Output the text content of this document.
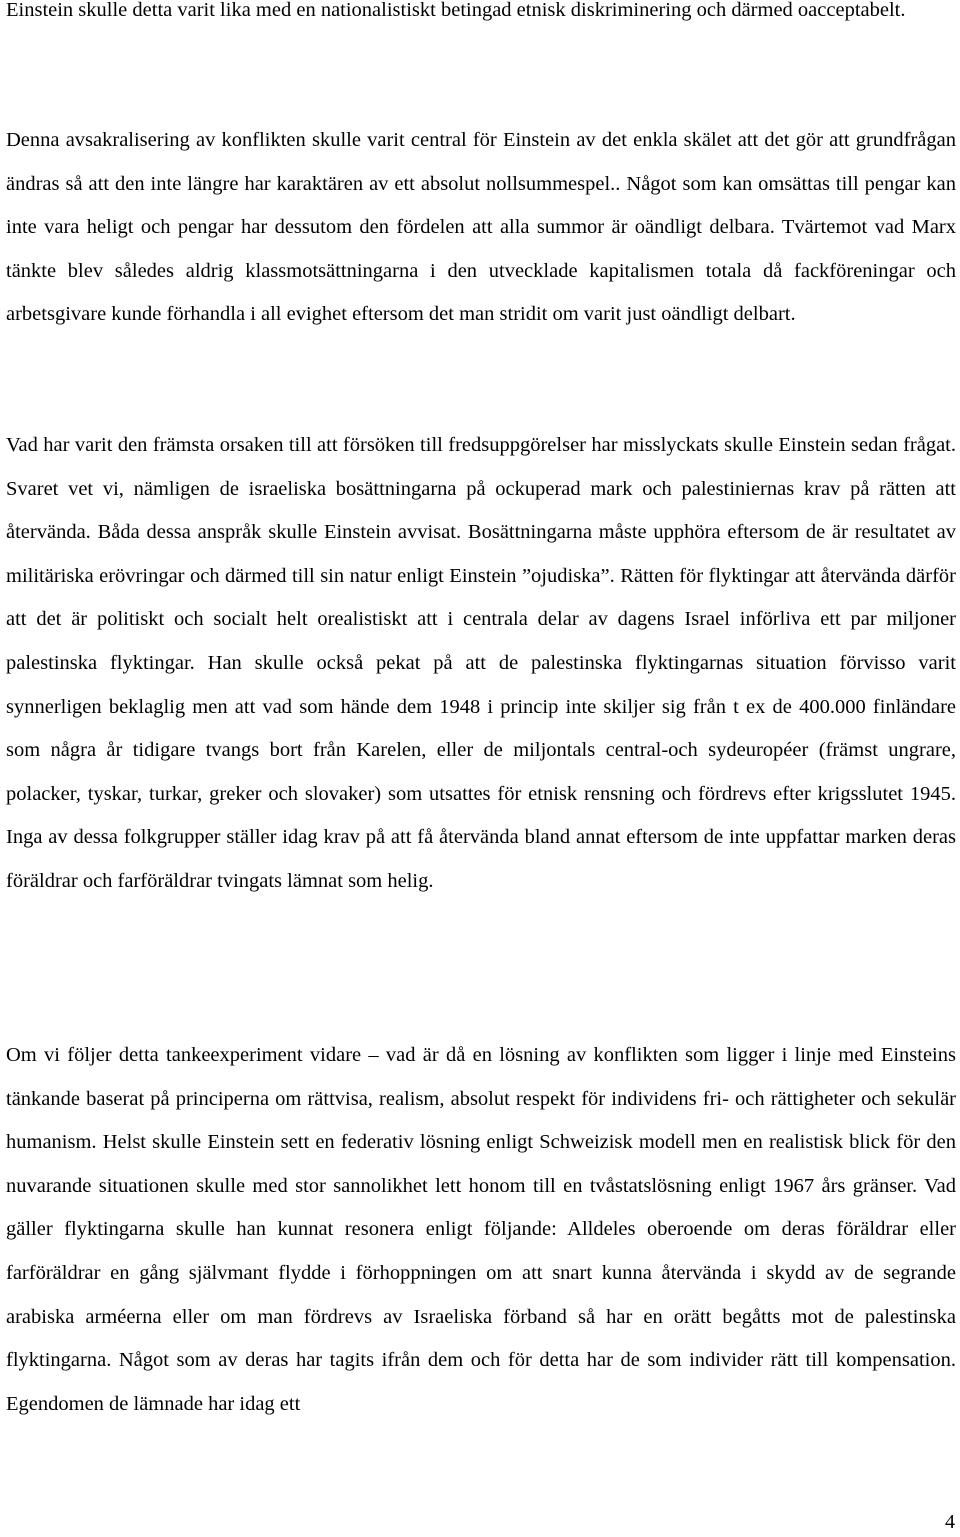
Einstein skulle detta varit lika med en nationalistiskt betingad etnisk diskriminering och därmed oacceptabelt.

Denna avsakralisering av konflikten skulle varit central för Einstein av det enkla skälet att det gör att grundfrågan ändras så att den inte längre har karaktären av ett absolut nollsummespel.. Något som kan omsättas till pengar kan inte vara heligt och pengar har dessutom den fördelen att alla summor är oändligt delbara. Tvärtemot vad Marx tänkte blev således aldrig klassmotsättningarna i den utvecklade kapitalismen totala då fackföreningar och arbetsgivare kunde förhandla i all evighet eftersom det man stridit om varit just oändligt delbart.

Vad har varit den främsta orsaken till att försöken till fredsuppgörelser har misslyckats skulle Einstein sedan frågat. Svaret vet vi, nämligen de israeliska bosättningarna på ockuperad mark och palestiniernas krav på rätten att återvända. Båda dessa anspråk skulle Einstein avvisat. Bosättningarna måste upphöra eftersom de är resultatet av militäriska erövringar och därmed till sin natur enligt Einstein ”ojudiska”. Rätten för flyktingar att återvända därför att det är politiskt och socialt helt orealistiskt att i centrala delar av dagens Israel införliva ett par miljoner palestinska flyktingar. Han skulle också pekat på att de palestinska flyktingarnas situation förvisso varit synnerligen beklaglig men att vad som hände dem 1948 i princip inte skiljer sig från t ex de 400.000 finländare som några år tidigare tvangs bort från Karelen, eller de miljontals central-och sydeuropéer (främst ungrare, polacker, tyskar, turkar, greker och slovaker) som utsattes för etnisk rensning och fördrevs efter krigsslutet 1945. Inga av dessa folkgrupper ställer idag krav på att få återvända bland annat eftersom de inte uppfattar marken deras föräldrar och farföräldrar tvingats lämnat som helig.

Om vi följer detta tankeexperiment vidare – vad är då en lösning av konflikten som ligger i linje med Einsteins tänkande baserat på principerna om rättvisa, realism, absolut respekt för individens fri- och rättigheter och sekulär humanism. Helst skulle Einstein sett en federativ lösning enligt Schweizisk modell men en realistisk blick för den nuvarande situationen skulle med stor sannolikhet lett honom till en tvåstatslösning enligt 1967 års gränser. Vad gäller flyktingarna skulle han kunnat resonera enligt följande: Alldeles oberoende om deras föräldrar eller farföräldrar en gång självmant flydde i förhoppningen om att snart kunna återvända i skydd av de segrande arabiska arméerna eller om man fördrevs av Israeliska förband så har en orätt begåtts mot de palestinska flyktingarna. Något som av deras har tagits ifrån dem och för detta har de som individer rätt till kompensation. Egendomen de lämnade har idag ett

4
